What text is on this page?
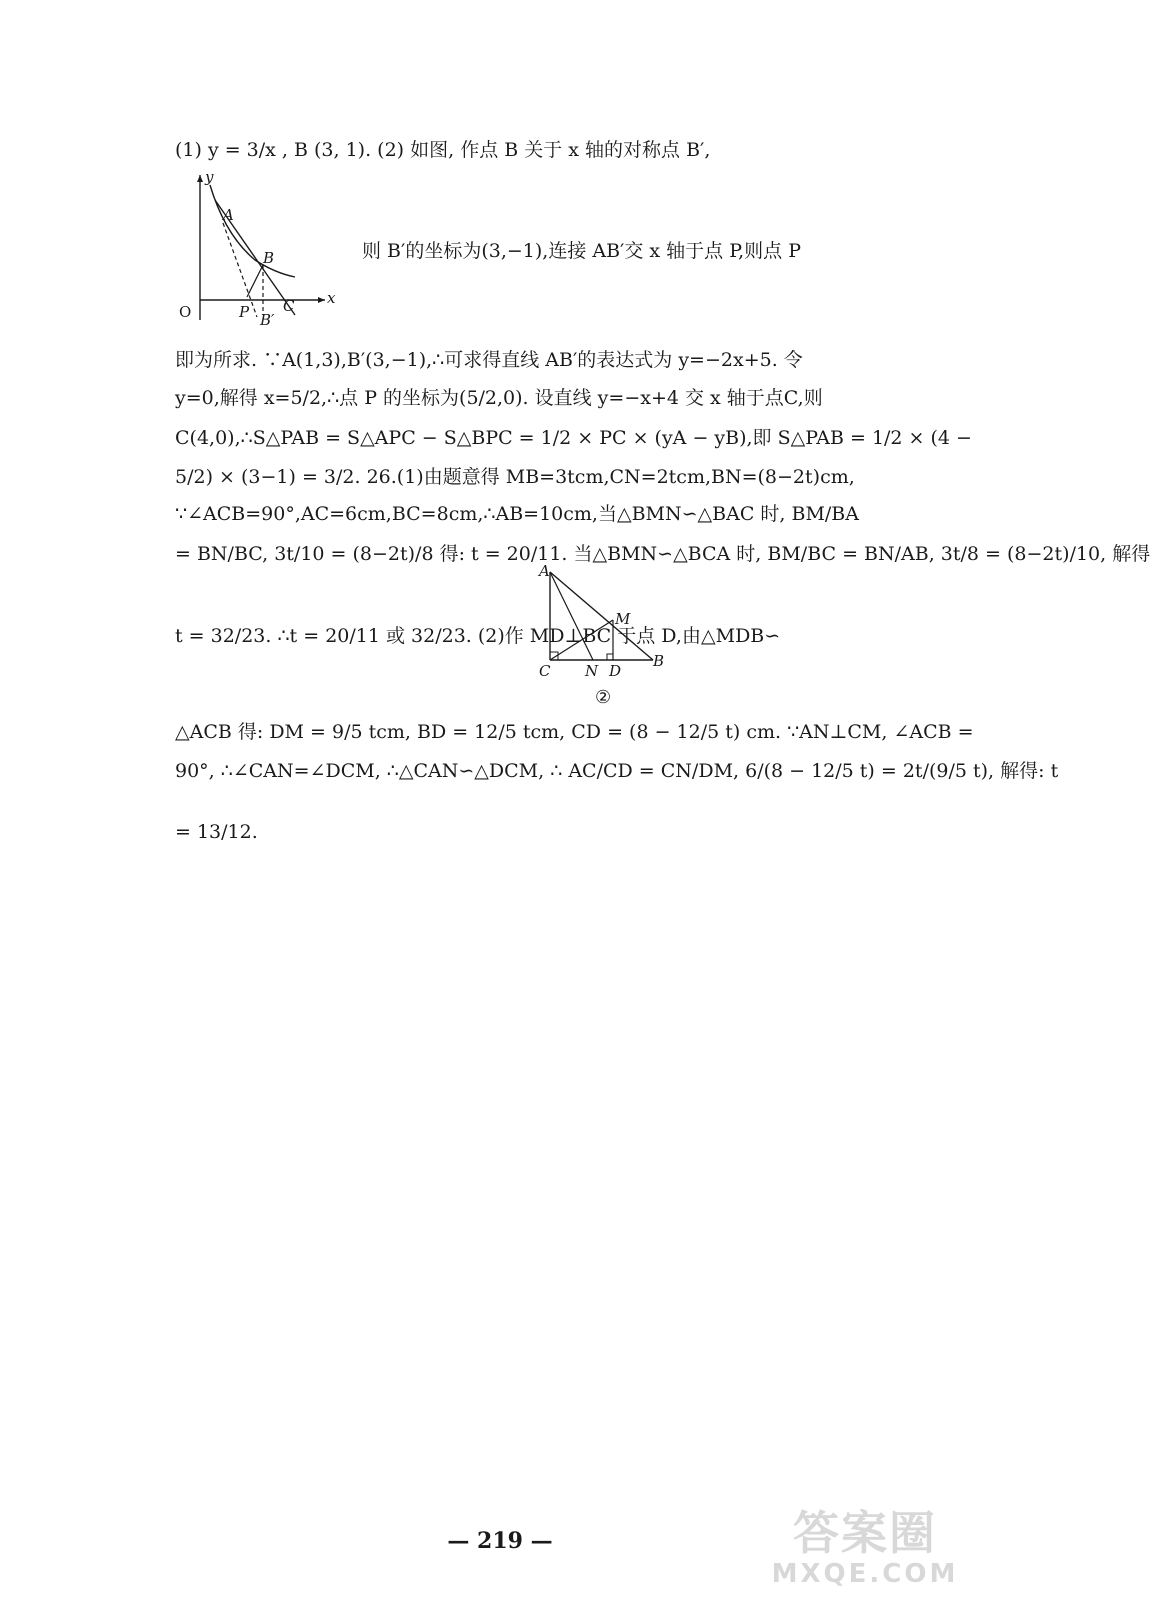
(1) y = 3/x , B (3, 1). (2) 如图, 作点 B 关于 x 轴的对称点 B′,
y
x
O
A
B
P C
B′
则 B′的坐标为(3,−1),连接 AB′交 x 轴于点 P,则点 P
即为所求. ∵A(1,3),B′(3,−1),∴可求得直线 AB′的表达式为 y=−2x+5. 令
y=0,解得 x=5/2,∴点 P 的坐标为(5/2,0). 设直线 y=−x+4 交 x 轴于点C,则
C(4,0),∴S△PAB = S△APC − S△BPC = 1/2 × PC × (yA − yB),即 S△PAB = 1/2 × (4 −
5/2) × (3−1) = 3/2. 26.(1)由题意得 MB=3tcm,CN=2tcm,BN=(8−2t)cm,
∵∠ACB=90°,AC=6cm,BC=8cm,∴AB=10cm,当△BMN∽△BAC 时, BM/BA
= BN/BC, 3t/10 = (8−2t)/8 得: t = 20/11. 当△BMN∽△BCA 时, BM/BC = BN/AB, 3t/8 = (8−2t)/10, 解得
A
M
C N D
B
②
t = 32/23. ∴t = 20/11 或 32/23. (2)作 MD⊥BC 于点 D, 由△MDB∽
△ACB 得: DM = 9/5 tcm, BD = 12/5 tcm, CD = (8 − 12/5 t) cm. ∵AN⊥CM, ∠ACB =
90°, ∴∠CAN=∠DCM, ∴△CAN∽△DCM, ∴ AC/CD = CN/DM, 6/(8 − 12/5 t) = 2t/(9/5 t), 解得: t
= 13/12.
— 219 —	答案圈
MXQE.COM
